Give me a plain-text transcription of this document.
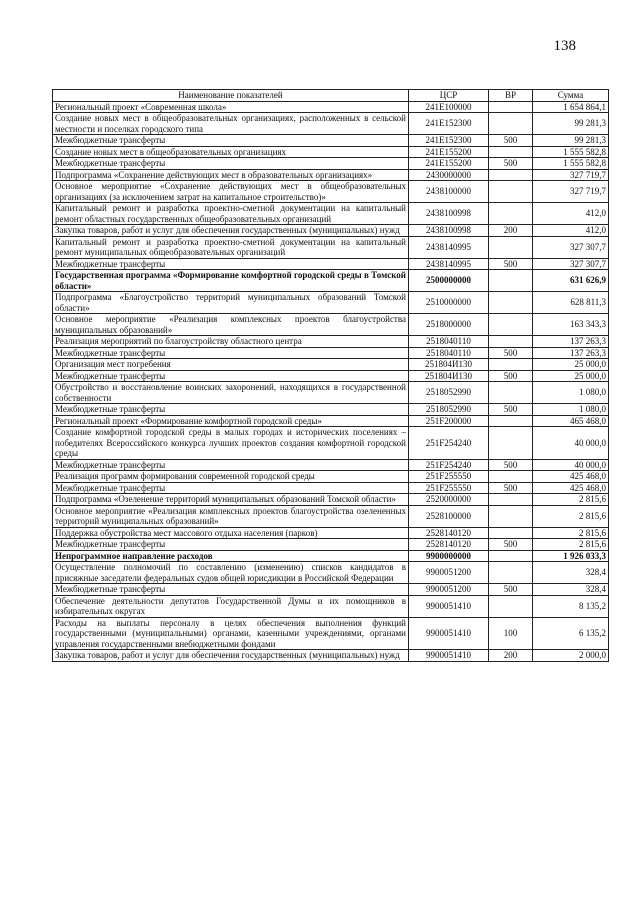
138
Наименование показателей	ЦСР	ВР	Сумма
Региональный проект «Современная школа»	241E100000		1 654 864,1
Создание новых мест в общеобразовательных организациях, расположенных в сельской местности и поселках городского типа	241E152300		99 281,3
Межбюджетные трансферты	241E152300	500	99 281,3
Создание новых мест в общеобразовательных организациях	241E155200		1 555 582,8
Межбюджетные трансферты	241E155200	500	1 555 582,8
Подпрограмма «Сохранение действующих мест в образовательных организациях»	2430000000		327 719,7
Основное мероприятие «Сохранение действующих мест в общеобразовательных организациях (за исключением затрат на капитальное строительство)»	2438100000		327 719,7
Капитальный ремонт и разработка проектно-сметной документации на капитальный ремонт областных государственных общеобразовательных организаций	2438100998		412,0
Закупка товаров, работ и услуг для обеспечения государственных (муниципальных) нужд	2438100998	200	412,0
Капитальный ремонт и разработка проектно-сметной документации на капитальный ремонт муниципальных общеобразовательных организаций	2438140995		327 307,7
Межбюджетные трансферты	2438140995	500	327 307,7
Государственная программа «Формирование комфортной городской среды в Томской области»	2500000000		631 626,9
Подпрограмма «Благоустройство территорий муниципальных образований Томской области»	2510000000		628 811,3
Основное мероприятие «Реализация комплексных проектов благоустройства муниципальных образований»	2518000000		163 343,3
Реализация мероприятий по благоустройству областного центра	2518040110		137 263,3
Межбюджетные трансферты	2518040110	500	137 263,3
Организация мест погребения	251804И130		25 000,0
Межбюджетные трансферты	251804И130	500	25 000,0
Обустройство и восстановление воинских захоронений, находящихся в государственной собственности	2518052990		1 080,0
Межбюджетные трансферты	2518052990	500	1 080,0
Региональный проект «Формирование комфортной городской среды»	251F200000		465 468,0
Создание комфортной городской среды в малых городах и исторических поселениях – победителях Всероссийского конкурса лучших проектов создания комфортной городской среды	251F254240		40 000,0
Межбюджетные трансферты	251F254240	500	40 000,0
Реализация программ формирования современной городской среды	251F255550		425 468,0
Межбюджетные трансферты	251F255550	500	425 468,0
Подпрограмма «Озеленение территорий муниципальных образований Томской области»	2520000000		2 815,6
Основное мероприятие «Реализация комплексных проектов благоустройства озелененных территорий муниципальных образований»	2528100000		2 815,6
Поддержка обустройства мест массового отдыха населения (парков)	2528140120		2 815,6
Межбюджетные трансферты	2528140120	500	2 815,6
Непрограммное направление расходов	9900000000		1 926 033,3
Осуществление полномочий по составлению (изменению) списков кандидатов в присяжные заседатели федеральных судов общей юрисдикции в Российской Федерации	9900051200		328,4
Межбюджетные трансферты	9900051200	500	328,4
Обеспечение деятельности депутатов Государственной Думы и их помощников в избирательных округах	9900051410		8 135,2
Расходы на выплаты персоналу в целях обеспечения выполнения функций государственными (муниципальными) органами, казенными учреждениями, органами управления государственными внебюджетными фондами	9900051410	100	6 135,2
Закупка товаров, работ и услуг для обеспечения государственных (муниципальных) нужд	9900051410	200	2 000,0
